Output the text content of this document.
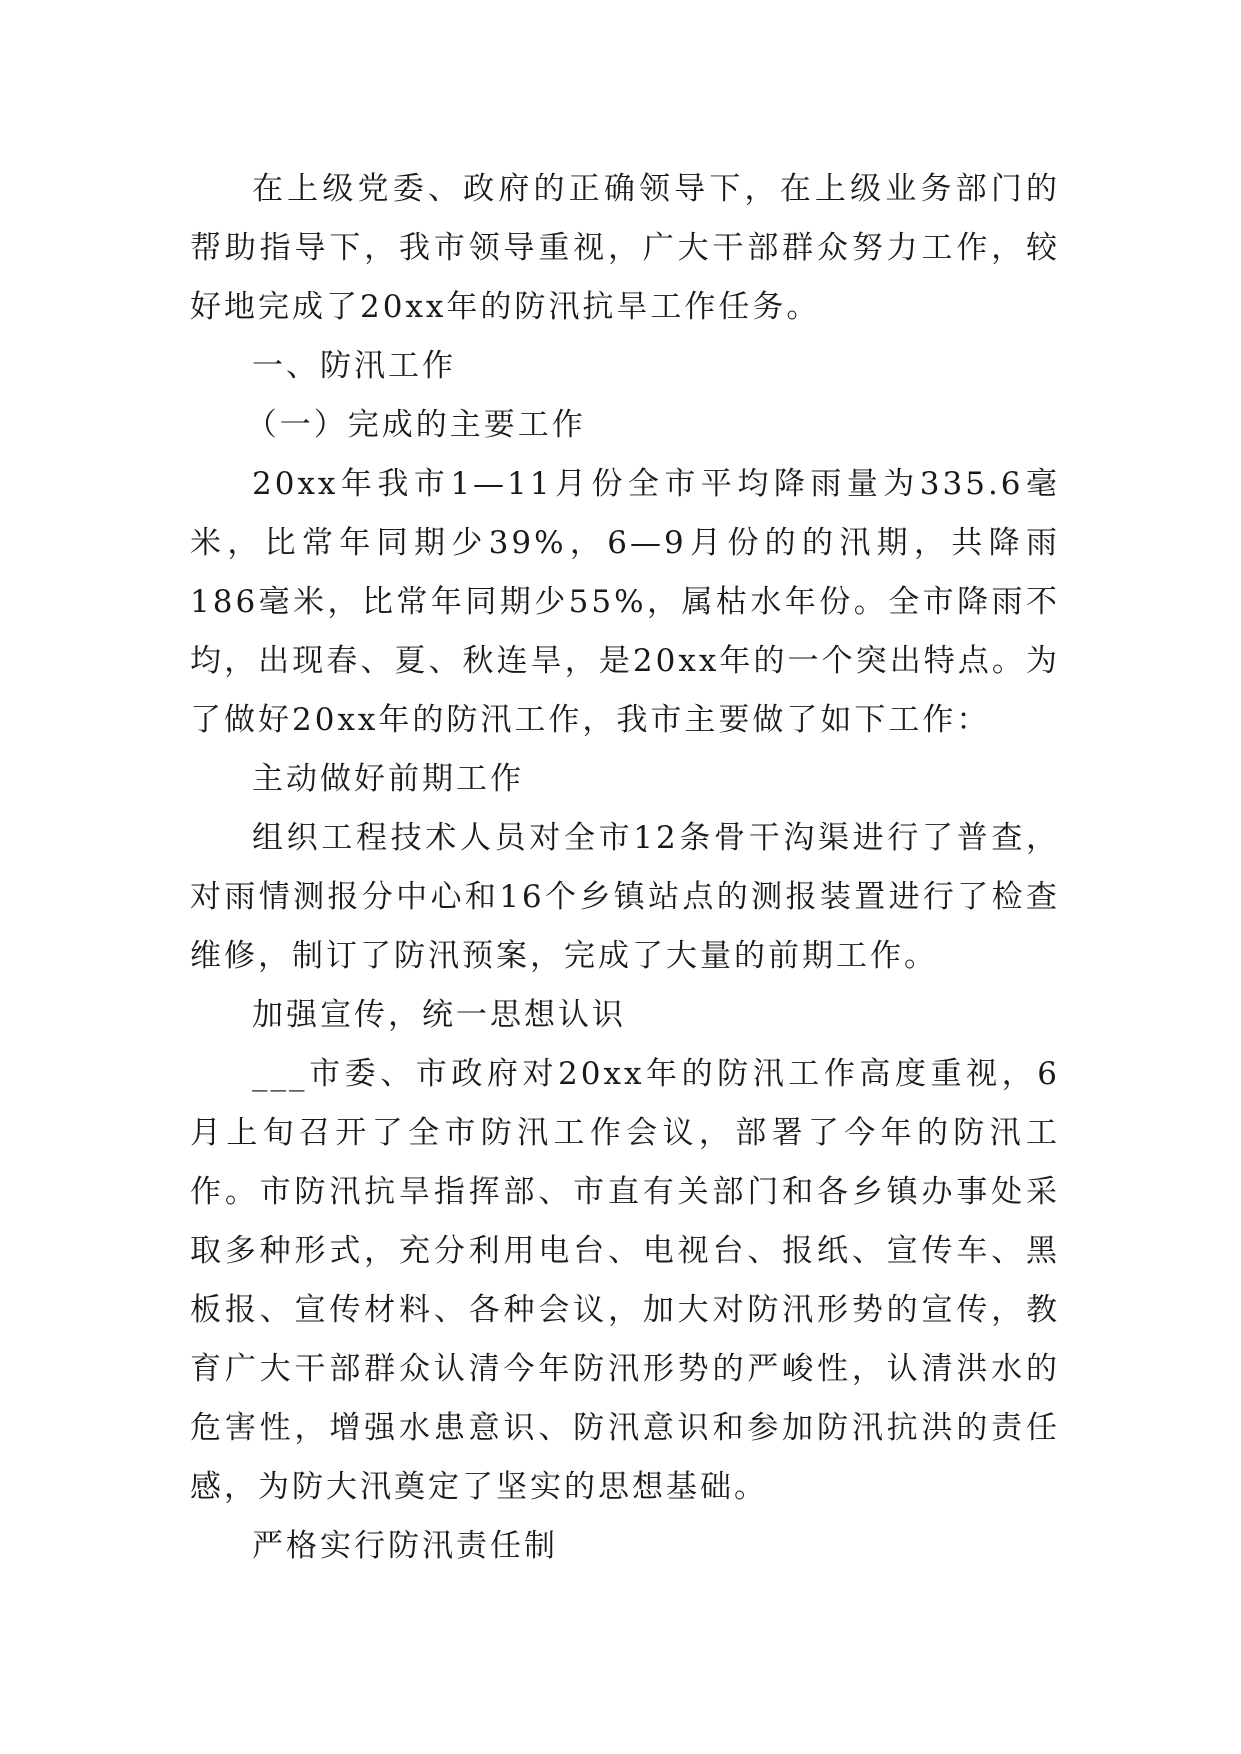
在上级党委、政府的正确领导下，在上级业务部门的帮助指导下，我市领导重视，广大干部群众努力工作，较好地完成了20xx年的防汛抗旱工作任务。

一、防汛工作

（一）完成的主要工作

20xx年我市1—11月份全市平均降雨量为335.6毫米，比常年同期少39%，6—9月份的的汛期，共降雨186毫米，比常年同期少55%，属枯水年份。全市降雨不均，出现春、夏、秋连旱，是20xx年的一个突出特点。为了做好20xx年的防汛工作，我市主要做了如下工作：

主动做好前期工作

组织工程技术人员对全市12条骨干沟渠进行了普查，对雨情测报分中心和16个乡镇站点的测报装置进行了检查维修，制订了防汛预案，完成了大量的前期工作。

加强宣传，统一思想认识

___市委、市政府对20xx年的防汛工作高度重视，6月上旬召开了全市防汛工作会议，部署了今年的防汛工作。市防汛抗旱指挥部、市直有关部门和各乡镇办事处采取多种形式，充分利用电台、电视台、报纸、宣传车、黑板报、宣传材料、各种会议，加大对防汛形势的宣传，教育广大干部群众认清今年防汛形势的严峻性，认清洪水的危害性，增强水患意识、防汛意识和参加防汛抗洪的责任感，为防大汛奠定了坚实的思想基础。

严格实行防汛责任制
